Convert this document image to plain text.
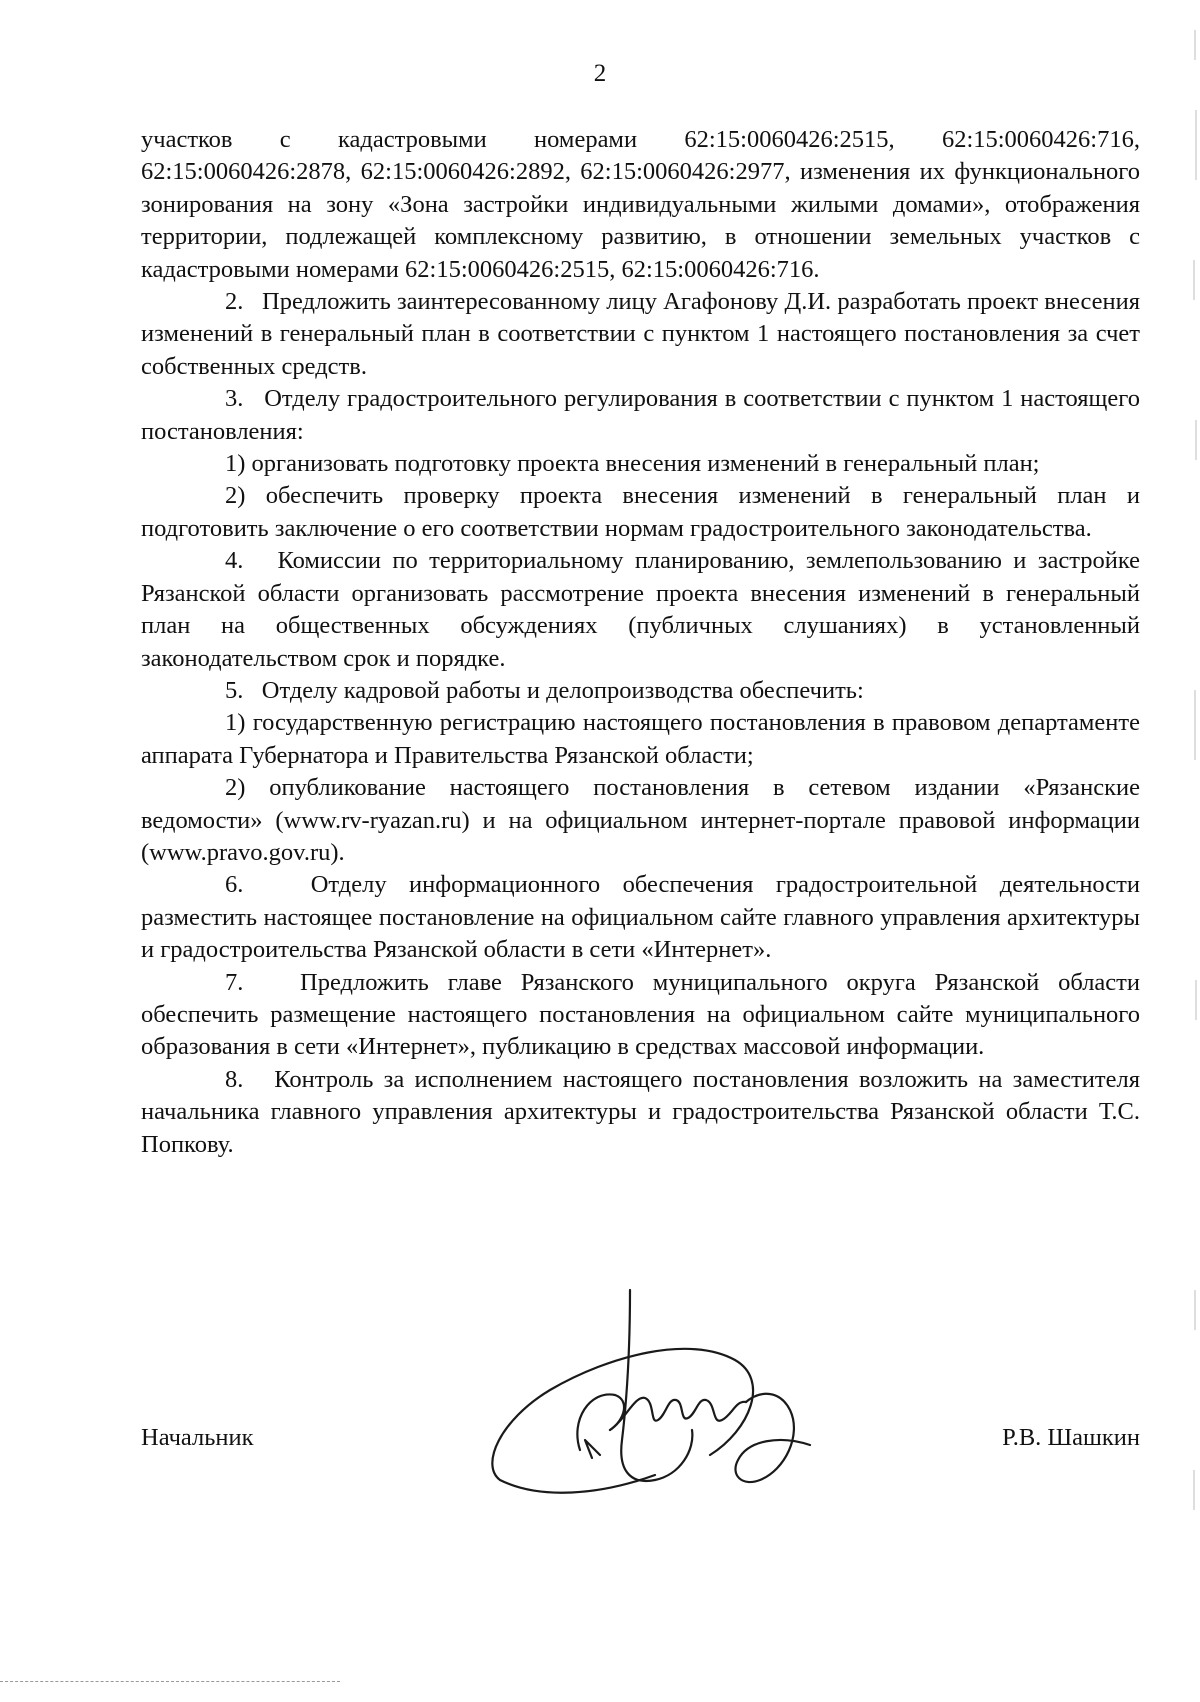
2

участков с кадастровыми номерами 62:15:0060426:2515, 62:15:0060426:716, 62:15:0060426:2878, 62:15:0060426:2892, 62:15:0060426:2977, изменения их функционального зонирования на зону «Зона застройки индивидуальными жилыми домами», отображения территории, подлежащей комплексному развитию, в отношении земельных участков с кадастровыми номерами 62:15:0060426:2515, 62:15:0060426:716.

2.   Предложить заинтересованному лицу Агафонову Д.И. разработать проект внесения изменений в генеральный план в соответствии с пунктом 1 настоящего постановления за счет собственных средств.

3.   Отделу градостроительного регулирования в соответствии с пунктом 1 настоящего постановления:

1) организовать подготовку проекта внесения изменений в генеральный план;

2) обеспечить проверку проекта внесения изменений в генеральный план и подготовить заключение о его соответствии нормам градостроительного законодательства.

4.   Комиссии по территориальному планированию, землепользованию и застройке Рязанской области организовать рассмотрение проекта внесения изменений в генеральный план на общественных обсуждениях (публичных слушаниях) в установленный законодательством срок и порядке.

5.   Отделу кадровой работы и делопроизводства обеспечить:

1) государственную регистрацию настоящего постановления в правовом департаменте аппарата Губернатора и Правительства Рязанской области;

2) опубликование настоящего постановления в сетевом издании «Рязанские ведомости» (www.rv-ryazan.ru) и на официальном интернет-портале правовой информации (www.pravo.gov.ru).

6.   Отделу информационного обеспечения градостроительной деятельности разместить настоящее постановление на официальном сайте главного управления архитектуры и градостроительства Рязанской области в сети «Интернет».

7.   Предложить главе Рязанского муниципального округа Рязанской области обеспечить размещение настоящего постановления на официальном сайте муниципального образования в сети «Интернет», публикацию в средствах массовой информации.

8.   Контроль за исполнением настоящего постановления возложить на заместителя начальника главного управления архитектуры и градостроительства Рязанской области Т.С. Попкову.

Начальник	Р.В. Шашкин
